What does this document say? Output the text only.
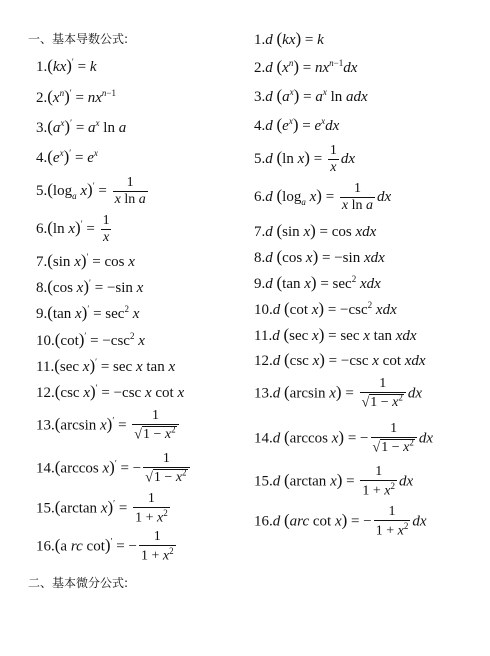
一、基本导数公式:
二、基本微分公式:
1.(kx)′ = k
$2.(x^n)' = nx^{n-1}$
$3.(a^x)' = a^x$ ln a
$4.(e^x)' = e^x$
$5.(\log_a$ $x)' = \frac{1}{\text{x ln a}}$
6.(ln $x)' = \frac{1}{x}$
7.(sin x)′ = cos x
8.(cos x)′ = −sin x
9.(tan $x)' = \sec^2 x$
$10.(\cot)' = -\csc^2$ x
11.(sec x)′ = sec x tan x
12.(csc x)′ = −csc x cot x
13.(arcsin $x)' = \frac{1}{√1 - x^2}$
14.(arccos x)′ = − $\frac{1}{√1 - x^2}$
15.(arctan $x)' = \frac{1}{1 + x^2}$
16.(a rc cot)′ = − $\frac{1}{1 + x^2}$
1.d (kx) = k
2.d $(x^n) = nx^{n-1}dx$
3.d $(a^x) = a^x$ ln adx
4.d $(e^x) = e^xdx$
5.d (ln $x) = \frac{1}{x}$ dx
6.d ($\log_a$ $x) = \frac{1}{\text{x ln a}}$ dx
7.d (sin x) = cos xdx
8.d (cos x) = −sin xdx
9.d (tan $x) = \sec^2$ xdx
10.d (cot $x) = -\csc^2$ xdx
11.d (sec x) = sec x tan xdx
12.d (csc x) = −csc x cot xdx
13.d (arcsin $x) = \frac{1}{√1 - x^2}$ dx
14.d (arccos x) = − $\frac{1}{√1 - x^2}$ dx
15.d (arctan $x) = \frac{1}{1 + x^2}$ dx
16.d (arc cot x) = − $\frac{1}{1 + x^2}$ dx
